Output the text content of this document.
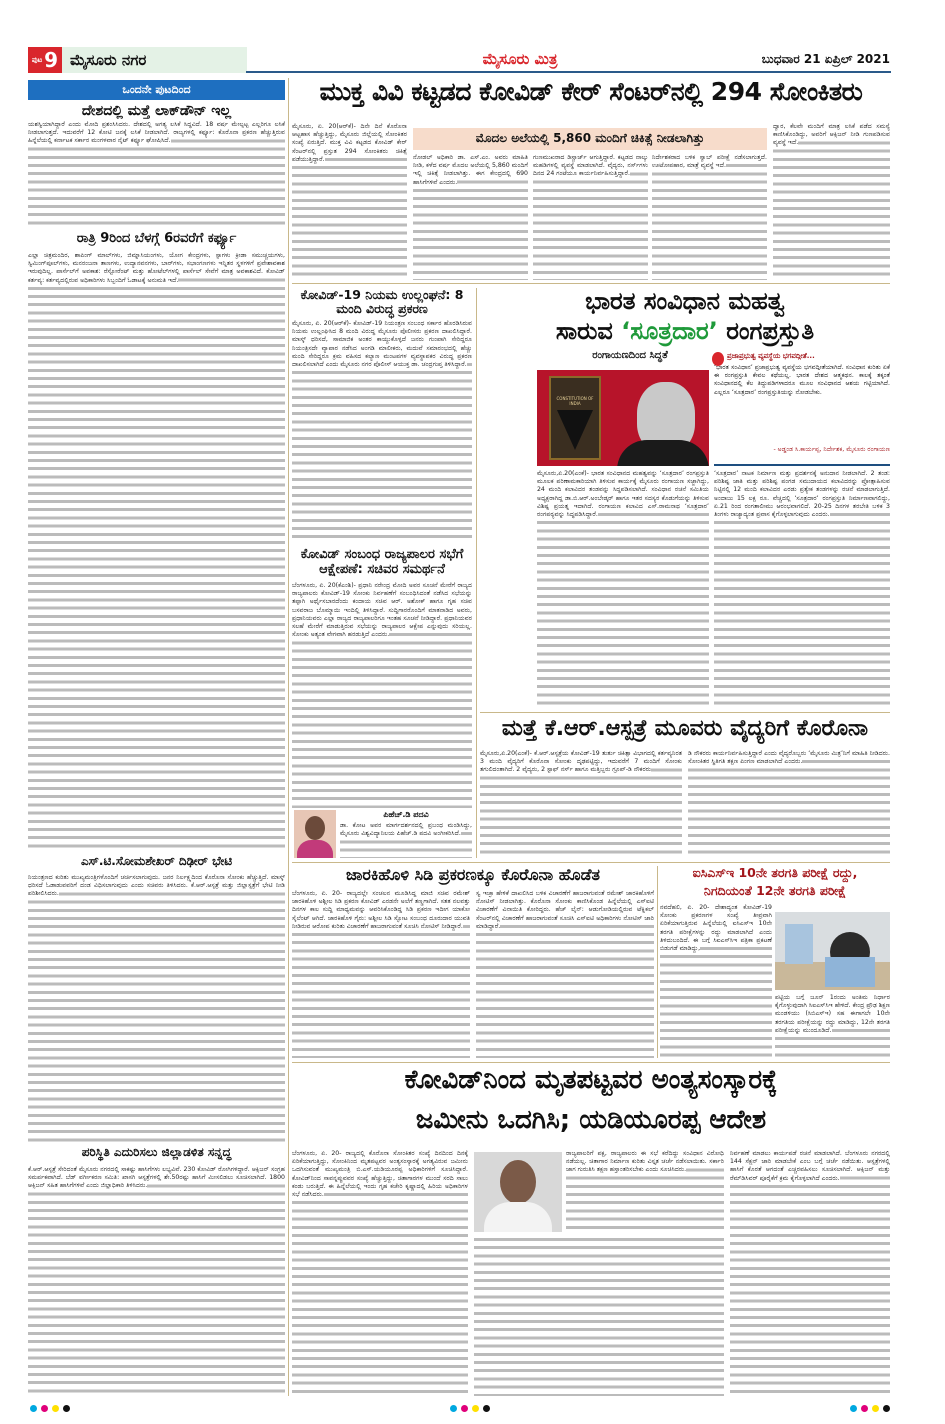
ಪುಟ 9 ಮೈಸೂರು ನಗರ	ಮೈಸೂರು ಮಿತ್ರ	ಬುಧವಾರ 21 ಏಪ್ರಿಲ್ 2021
ಒಂದನೇ ಪುಟದಿಂದ
ದೇಶದಲ್ಲಿ ಮತ್ತೆ ಲಾಕ್‌ಡೌನ್ ಇಲ್ಲ
ಯಶಸ್ವಿಯಾಗಿದ್ದಾರೆ ಎಂದು ಮೋದಿ ಪ್ರಶಂಸಿಸಿದರು. ದೇಶದಲ್ಲಿ ಅಗತ್ಯ ಲಸಿಕೆ ಸಿದ್ಧವಿದೆ. 18 ವರ್ಷ ಮೇಲ್ಪಟ್ಟ ಎಲ್ಲರಿಗೂ ಲಸಿಕೆ ನೀಡಲಾಗುತ್ತದೆ. ಇದುವರೆಗೆ 12 ಕೋಟಿ ಜನಕ್ಕೆ ಲಸಿಕೆ ನೀಡಲಾಗಿದೆ. ರಾಜ್ಯಗಳಲ್ಲಿ ಕರ್ಫ್ಯೂ: ಕೊರೊನಾ ಪ್ರಕರಣ ಹೆಚ್ಚುತ್ತಿರುವ ಹಿನ್ನೆಲೆಯಲ್ಲಿ ಕರ್ನಾಟಕ ಸರ್ಕಾರ ಮಂಗಳವಾರ ನೈಟ್ ಕರ್ಫ್ಯೂ ಘೋಷಿಸಿದೆ.
ರಾತ್ರಿ 9ರಿಂದ ಬೆಳಗ್ಗೆ 6ರವರೆಗೆ ಕರ್ಫ್ಯೂ
ಎಲ್ಲಾ ಚಿತ್ರಮಂದಿರ, ಶಾಪಿಂಗ್ ಮಾಲ್‌ಗಳು, ಜಿಮ್ನಾಸಿಯಂಗಳು, ಯೋಗ ಕೇಂದ್ರಗಳು, ಸ್ಪಾಗಳು ಕ್ರೀಡಾ ಸಮುಚ್ಚಯಗಳು, ಸ್ವಿಮಿಂಗ್‌ಪೂಲ್‌ಗಳು, ಮನರಂಜನಾ ತಾಣಗಳು, ಉದ್ಯಾನವನಗಳು, ಬಾರ್‌ಗಳು, ಸಭಾಂಗಣಗಳು ಇನ್ನಿತರ ಸ್ಥಳಗಳಿಗೆ ಪ್ರವೇಶಾವಕಾಶ ಇರುವುದಿಲ್ಲ. ಪಾರ್ಸೆಲ್‌ಗೆ ಅವಕಾಶ: ರೆಸ್ಟೋರೆಂಟ್ ಮತ್ತು ಹೋಟೆಲ್‌ಗಳಲ್ಲಿ ಪಾರ್ಸೆಲ್ ಸೇವೆಗೆ ಮಾತ್ರ ಅವಕಾಶವಿದೆ. ಕೋವಿಡ್ ಕರ್ತವ್ಯ: ಕರ್ತವ್ಯದಲ್ಲಿರುವ ಅಧಿಕಾರಿಗಳು ಸಿಬ್ಬಂದಿಗೆ ಓಡಾಟಕ್ಕೆ ಅನುಮತಿ ಇದೆ.
ಎಸ್.ಟಿ.ಸೋಮಶೇಖರ್ ದಿಢೀರ್ ಭೇಟಿ
ನಿಯಂತ್ರಣದ ಕುರಿತು ಮುಖ್ಯಮಂತ್ರಿಗಳೊಂದಿಗೆ ಚರ್ಚಿಸಲಾಗುವುದು. ಜನರ ನಿರ್ಲಕ್ಷ್ಯದಿಂದ ಕೊರೊನಾ ಸೋಂಕು ಹೆಚ್ಚುತ್ತಿದೆ. ಮಾಸ್ಕ್ ಧರಿಸದೆ ಓಡಾಡುವವರಿಗೆ ದಂಡ ವಿಧಿಸಲಾಗುವುದು ಎಂದು ಸಚಿವರು ತಿಳಿಸಿದರು. ಕೆ.ಆರ್.ಆಸ್ಪತ್ರೆ ಮತ್ತು ಜಿಲ್ಲಾಸ್ಪತ್ರೆಗೆ ಭೇಟಿ ನೀಡಿ ಪರಿಶೀಲಿಸಿದರು.
ಪರಿಸ್ಥಿತಿ ಎದುರಿಸಲು ಜಿಲ್ಲಾಡಳಿತ ಸನ್ನದ್ಧ
ಕೆ.ಆರ್.ಆಸ್ಪತ್ರೆ ಸೇರಿದಂತೆ ಮೈಸೂರು ನಗರದಲ್ಲಿ ಸಾಕಷ್ಟು ಹಾಸಿಗೆಗಳು ಲಭ್ಯವಿವೆ. 230 ಕೋವಿಡ್ ರೋಗಿಗಳಿದ್ದಾರೆ. ಆಕ್ಸಿಜನ್ ಸಂಗ್ರಹ ಸಮರ್ಪಕವಾಗಿದೆ. ಬೆಡ್ ವರ್ಗೀಕರಣ ಸಮಿತಿ: ಖಾಸಗಿ ಆಸ್ಪತ್ರೆಗಳಲ್ಲಿ ಶೇ.50ರಷ್ಟು ಹಾಸಿಗೆ ಮೀಸಲಿಡಲು ಸೂಚಿಸಲಾಗಿದೆ. 1800 ಆಕ್ಸಿಜನ್ ಸಹಿತ ಹಾಸಿಗೆಗಳಿವೆ ಎಂದು ಜಿಲ್ಲಾಧಿಕಾರಿ ತಿಳಿಸಿದರು.
ಮುಕ್ತ ವಿವಿ ಕಟ್ಟಡದ ಕೋವಿಡ್ ಕೇರ್ ಸೆಂಟರ್‌ನಲ್ಲಿ 294 ಸೋಂಕಿತರು
ಮೈಸೂರು, ಏ. 20(ಆರ್‌ಕೆ)- ದಿನೇ ದಿನೆ ಕೊರೊನಾ ಆಟ್ಟಹಾಸ ಹೆಚ್ಚುತ್ತಿದ್ದು, ಮೈಸೂರು ಜಿಲ್ಲೆಯಲ್ಲಿ ಸೋಂಕಿತರ ಸಂಖ್ಯೆ ಏರುತ್ತಿದೆ. ಮುಕ್ತ ವಿವಿ ಕಟ್ಟಡದ ಕೋವಿಡ್ ಕೇರ್ ಸೆಂಟರ್‌ನಲ್ಲಿ ಪ್ರಸ್ತುತ 294 ಸೋಂಕಿತರು ಚಿಕಿತ್ಸೆ ಪಡೆಯುತ್ತಿದ್ದಾರೆ.
ಮೊದಲ ಅಲೆಯಲ್ಲಿ 5,860 ಮಂದಿಗೆ ಚಿಕಿತ್ಸೆ ನೀಡಲಾಗಿತ್ತು
ನೋಡಲ್ ಅಧಿಕಾರಿ ಡಾ. ಎಸ್.ಎಂ. ಅವರು ಮಾಹಿತಿ ನೀಡಿ, ಕಳೆದ ವರ್ಷ ಮೊದಲ ಅಲೆಯಲ್ಲಿ 5,860 ಮಂದಿಗೆ ಇಲ್ಲಿ ಚಿಕಿತ್ಸೆ ನೀಡಲಾಗಿತ್ತು. ಈಗ ಕೇಂದ್ರದಲ್ಲಿ 690 ಹಾಸಿಗೆಗಳಿವೆ ಎಂದರು.
ಗುಣಮುಖರಾದ ಡಿಸ್ಚಾರ್ಜ್ ಆಗುತ್ತಿದ್ದಾರೆ. ಕಟ್ಟಡದ ನಾಲ್ಕು ಮಹಡಿಗಳಲ್ಲಿ ವ್ಯವಸ್ಥೆ ಮಾಡಲಾಗಿದೆ. ವೈದ್ಯರು, ನರ್ಸ್‌ಗಳು ದಿನದ 24 ಗಂಟೆಯೂ ಕಾರ್ಯನಿರ್ವಹಿಸುತ್ತಿದ್ದಾರೆ.
ನಿರ್ದೇಶಕರಾದ ಬಳಿಕ ಸ್ವಾಬ್ ಪರೀಕ್ಷೆ ನಡೆಸಲಾಗುತ್ತದೆ. ಊಟೋಪಹಾರ, ಮಾತ್ರೆ ವ್ಯವಸ್ಥೆ ಇದೆ.
ದ್ವಾರ, ಕೆಲವೇ ಮಂದಿಗೆ ಮಾತ್ರ ಲಸಿಕೆ ಪಡೆದ ಸಮಸ್ಯೆ ಕಾಣಿಸಿಕೊಂಡಿದ್ದು, ಅವರಿಗೆ ಆಕ್ಸಿಜನ್ ನೀಡಿ ಗುಣಪಡಿಸುವ ವ್ಯವಸ್ಥೆ ಇದೆ.
ಕೋವಿಡ್-19 ನಿಯಮ ಉಲ್ಲಂಘನೆ: 8 ಮಂದಿ ವಿರುದ್ಧ ಪ್ರಕರಣ
ಮೈಸೂರು, ಏ. 20(ಆರ್‌ಕೆ)- ಕೋವಿಡ್-19 ನಿಯಂತ್ರಣ ಸಂಬಂಧ ಸರ್ಕಾರ ಹೊರಡಿಸಿರುವ ನಿಯಮ ಉಲ್ಲಂಘಿಸಿದ 8 ಮಂದಿ ವಿರುದ್ಧ ಮೈಸೂರು ಪೊಲೀಸರು ಪ್ರಕರಣ ದಾಖಲಿಸಿದ್ದಾರೆ. ಮಾಸ್ಕ್ ಧರಿಸದೆ, ಸಾಮಾಜಿಕ ಅಂತರ ಕಾಯ್ದುಕೊಳ್ಳದೆ ಜನರು ಗುಂಪಾಗಿ ಸೇರಿದ್ದರೂ ನಿಯಂತ್ರಿಸದೇ ವ್ಯಾಪಾರ ನಡೆಸಿದ ಅಂಗಡಿ ಮಾಲೀಕರು, ಮದುವೆ ಸಮಾರಂಭದಲ್ಲಿ ಹೆಚ್ಚು ಮಂದಿ ಸೇರಿದ್ದರೂ ಕ್ರಮ ವಹಿಸದ ಕಲ್ಯಾಣ ಮಂಟಪಗಳ ವ್ಯವಸ್ಥಾಪಕರ ವಿರುದ್ಧ ಪ್ರಕರಣ ದಾಖಲಿಸಲಾಗಿದೆ ಎಂದು ಮೈಸೂರು ನಗರ ಪೊಲೀಸ್ ಆಯುಕ್ತ ಡಾ. ಚಂದ್ರಗುಪ್ತ ತಿಳಿಸಿದ್ದಾರೆ.
ಭಾರತ ಸಂವಿಧಾನ ಮಹತ್ವ
ಸಾರುವ ‘ಸೂತ್ರದಾರ’ ರಂಗಪ್ರಸ್ತುತಿ
ರಂಗಾಯಣದಿಂದ ಸಿದ್ಧತೆ
CONSTITUTION OF INDIA
ಪ್ರಜಾಪ್ರಭುತ್ವ ವ್ಯವಸ್ಥೆಯ ಭಗವದ್ಗೀತೆ...
‘ಭಾರತ ಸಂವಿಧಾನ’ ಪ್ರಜಾಪ್ರಭುತ್ವ ವ್ಯವಸ್ಥೆಯ ಭಗವದ್ಗೀತೆಯಾಗಿದೆ. ಸಂವಿಧಾನ ಕುರಿತು ಏಕೆ ಈ ರಂಗಪ್ರಸ್ತುತಿ ಕೇವಲ ಕಥೆಯಲ್ಲ. ಭಾರತ ದೇಶದ ಆತ್ಮಕಥನ. ಕಾಲಕ್ಕೆ ತಕ್ಕಂತೆ ಸಂವಿಧಾನದಲ್ಲಿ ಕೆಲ ತಿದ್ದುಪಡಿಗಳಾದರೂ ಮೂಲ ಸಂವಿಧಾನದ ಆಶಯ ಗಟ್ಟಿಯಾಗಿದೆ. ಎಲ್ಲರೂ ‘ಸೂತ್ರದಾರ’ ರಂಗಪ್ರಸ್ತುತಿಯನ್ನು ನೋಡಬೇಕು.
- ಅಡ್ಡಂಡ ಸಿ.ಕಾರ್ಯಪ್ಪ, ನಿರ್ದೇಶಕ, ಮೈಸೂರು ರಂಗಾಯಣ
ಮೈಸೂರು,ಏ.20(ಎಂಕೆ)- ಭಾರತ ಸಂವಿಧಾನದ ಮಹತ್ವವನ್ನು ‘ಸೂತ್ರದಾರ’ ರಂಗಪ್ರಸ್ತುತಿ ಮೂಲಕ ಪರಿಣಾಮಕಾರಿಯಾಗಿ ತಿಳಿಸುವ ಕಾರ್ಯಕ್ಕೆ ಮೈಸೂರು ರಂಗಾಯಣ ಸಜ್ಜಾಗಿದ್ದು, 24 ಮಂದಿ ಕಲಾವಿದರ ತಂಡವನ್ನು ಸಿದ್ಧಪಡಿಸಲಾಗಿದೆ. ಸಂವಿಧಾನ ರಚನೆ ಸಮಿತಿಯ ಅಧ್ಯಕ್ಷರಾಗಿದ್ದ ಡಾ.ಬಿ.ಆರ್.ಅಂಬೇಡ್ಕರ್ ಹಾಗೂ ಇತರ ಸದಸ್ಯರ ಕೊಡುಗೆಯನ್ನು ತಿಳಿಸುವ ವಿಶಿಷ್ಟ ಪ್ರಯತ್ನ ಇದಾಗಿದೆ. ರಂಗಾಯಣ ಕಲಾವಿದ ಎಸ್.ರಾಮನಾಥ ‘ಸೂತ್ರದಾರ’ ರಂಗಪಠ್ಯವನ್ನು ಸಿದ್ಧಪಡಿಸಿದ್ದಾರೆ.
‘ಸೂತ್ರದಾರ’ ನಾಟಕ ನಿರ್ಮಾಣ ಮತ್ತು ಪ್ರದರ್ಶನಕ್ಕೆ ಅನುದಾನ ನೀಡಲಾಗಿದೆ. 2 ತಂಡ: ಪರಿಶಿಷ್ಟ ಜಾತಿ ಮತ್ತು ಪರಿಶಿಷ್ಟ ಪಂಗಡ ಸಮುದಾಯದ ಕಲಾವಿದರನ್ನು ಪ್ರೋತ್ಸಾಹಿಸುವ ನಿಟ್ಟಿನಲ್ಲಿ 12 ಮಂದಿ ಕಲಾವಿದರ ಎರಡು ಪ್ರತ್ಯೇಕ ತಂಡಗಳನ್ನು ರಚನೆ ಮಾಡಲಾಗುತ್ತಿದೆ. ಅಂದಾಜು 15 ಲಕ್ಷ ರೂ. ವೆಚ್ಚದಲ್ಲಿ ‘ಸೂತ್ರದಾರ’ ರಂಗಪ್ರಸ್ತುತಿ ನಿರ್ಮಾಣವಾಗಲಿದ್ದು, ಏ.21 ರಿಂದ ರಂಗತಾಲೀಮು ಆರಂಭವಾಗಲಿದೆ. 20-25 ದಿನಗಳ ತರಬೇತಿ ಬಳಿಕ 3 ತಿಂಗಳು ರಾಜ್ಯಾದ್ಯಂತ ಪ್ರವಾಸ ಕೈಗೊಳ್ಳಲಾಗುವುದು ಎಂದರು.
ಕೋವಿಡ್ ಸಂಬಂಧ ರಾಜ್ಯಪಾಲರ ಸಭೆಗೆ ಆಕ್ಷೇಪಣೆ: ಸಚಿವರ ಸಮರ್ಥನೆ
ಬೆಂಗಳೂರು, ಏ. 20(ಕೆಎಂಶಿ)- ಪ್ರಧಾನಿ ನರೇಂದ್ರ ಮೋದಿ ಅವರ ಸೂಚನೆ ಮೇರೆಗೆ ರಾಜ್ಯದ ರಾಜ್ಯಪಾಲರು ಕೋವಿಡ್-19 ಸೋಂಕು ನಿರ್ವಹಣೆಗೆ ಸಂಬಂಧಿಸಿದಂತೆ ನಡೆಸಿದ ಸಭೆಯನ್ನು ತಪ್ಪಾಗಿ ಅರ್ಥೈಸಬಾರದೆಂದು ಕಂದಾಯ ಸಚಿವ ಆರ್. ಅಶೋಕ್ ಹಾಗೂ ಗೃಹ ಸಚಿವ ಬಸವರಾಜ ಬೊಮ್ಮಾಯಿ ಇಂದಿಲ್ಲಿ ತಿಳಿಸಿದ್ದಾರೆ. ಸುದ್ದಿಗಾರರೊಂದಿಗೆ ಮಾತನಾಡಿದ ಅವರು, ಪ್ರಧಾನಿಯವರು ಎಲ್ಲಾ ರಾಜ್ಯದ ರಾಜ್ಯಪಾಲರಿಗೂ ಇಂತಹ ಸೂಚನೆ ನೀಡಿದ್ದಾರೆ. ಪ್ರಧಾನಿಯವರ ಸಲಹೆ ಮೇರೆಗೆ ಮಾಡುತ್ತಿರುವ ಸಭೆಯನ್ನು ರಾಜ್ಯಪಾಲರ ಆಕ್ಷೇಪ ಎನ್ನುವುದು ಸರಿಯಲ್ಲ. ಸೋಂಕು ಅತ್ಯಂತ ವೇಗವಾಗಿ ಹರಡುತ್ತಿದೆ ಎಂದರು.
ಪಿಹೆಚ್.ಡಿ ಪದವಿ
ಡಾ. ಕೋಟ ಅವರ ಮಾರ್ಗದರ್ಶನದಲ್ಲಿ ಪ್ರಬಂಧ ಮಂಡಿಸಿದ್ದು, ಮೈಸೂರು ವಿಶ್ವವಿದ್ಯಾನಿಲಯ ಪಿಹೆಚ್.ಡಿ ಪದವಿ ಅಂಗೀಕರಿಸಿದೆ.
ಮತ್ತೆ ಕೆ.ಆರ್.ಆಸ್ಪತ್ರೆ ಮೂವರು ವೈದ್ಯರಿಗೆ ಕೊರೊನಾ
ಮೈಸೂರು,ಏ.20(ಎಂಕೆ)- ಕೆ.ಆರ್.ಆಸ್ಪತ್ರೆಯ ಕೋವಿಡ್-19 ತುರ್ತು ಚಿಕಿತ್ಸಾ ವಿಭಾಗದಲ್ಲಿ ಕರ್ತವ್ಯನಿರತ 3 ಮಂದಿ ವೈದ್ಯರಿಗೆ ಕೊರೊನಾ ಸೋಂಕು ದೃಢಪಟ್ಟಿದ್ದು, ಇದುವರೆಗೆ 7 ಮಂದಿಗೆ ಸೋಂಕು ತಗುಲಿದಂತಾಗಿದೆ. 2 ವೈದ್ಯರು, 2 ಸ್ಟಾಫ್ ನರ್ಸ್ ಹಾಗೂ ಮತ್ತಿಬ್ಬರು ಗ್ರೂಪ್-ಡಿ ನೌಕರರು
ಡಿ ನೌಕರರು ಕಾರ್ಯನಿರ್ವಹಿಸುತ್ತಿದ್ದಾರೆ ಎಂದು ವೈದ್ಯರೊಬ್ಬರು ‘ಮೈಸೂರು ಮಿತ್ರ’ನಿಗೆ ಮಾಹಿತಿ ನೀಡಿದರು. ಸೋಂಕಿತರ ಸ್ಥಿತಿಗತಿ ತಕ್ಷಣ ಪಿಂಗಣ ಮಾಡಲಾಗಿದೆ ಎಂದರು.
ಜಾರಕಿಹೊಳಿ ಸಿಡಿ ಪ್ರಕರಣಕ್ಕೂ ಕೊರೊನಾ ಹೊಡೆತ
ಬೆಂಗಳೂರು, ಏ. 20- ರಾಜ್ಯದಲ್ಲೇ ಸಂಚಲನ ಮೂಡಿಸಿದ್ದ ಮಾಜಿ ಸಚಿವ ರಮೇಶ್ ಜಾರಕಿಹೊಳಿ ಅಶ್ಲೀಲ ಸಿಡಿ ಪ್ರಕರಣ ಕೋವಿಡ್ ಎರಡನೇ ಅಲೆಗೆ ತಣ್ಣಗಾಗಿದೆ. ಸತತ ನಲವತ್ತು ದಿನಗಳ ಕಾಲ ಸುದ್ದಿ ಮಾಧ್ಯಮವನ್ನು ಆವರಿಸಿಕೊಂಡಿದ್ದ ಸಿಡಿ ಪ್ರಕರಣ ಇದೀಗ ಯಾಕೋ ಸೈಲೆಂಟ್ ಆಗಿದೆ. ಜಾರಕಿಹೊಳಿ ಗೈರು: ಅಶ್ಲೀಲ ಸಿಡಿ ಸ್ಫೋಟ ಸಂಬಂಧ ದೂರುದಾರ ಯುವತಿ ನೀಡಿರುವ ಆರೋಪ ಕುರಿತು ವಿಚಾರಣೆಗೆ ಹಾಜರಾಗುವಂತೆ ಸೂಚಿಸಿ ನೋಟಿಸ್ ನೀಡಿದ್ದಾರೆ.
ಸ್ವ ಇಚ್ಛಾ ಹೇಳಿಕೆ ದಾಖಲಿಸಿದ ಬಳಿಕ ವಿಚಾರಣೆಗೆ ಹಾಜರಾಗುವಂತೆ ರಮೇಶ್ ಜಾರಕಿಹೊಳಿಗೆ ನೋಟಿಸ್ ನೀಡಲಾಗಿತ್ತು. ಕೊರೊನಾ ಸೋಂಕು ಕಾಣಿಸಿಕೊಂಡ ಹಿನ್ನೆಲೆಯಲ್ಲಿ ಎಸ್‌ಐಟಿ ವಿಚಾರಣೆಗೆ ವಿನಾಯಿತಿ ಕೋರಿದ್ದರು. ಹೆಚ್ ಲೈನ್: ಆಡುಗೋಡಿಯಲ್ಲಿರುವ ಟೆಕ್ನಿಕಲ್ ಸೆಂಟರ್‌ನಲ್ಲಿ ವಿಚಾರಣೆಗೆ ಹಾಜರಾಗುವಂತೆ ಸೂಚಿಸಿ ಎಸ್‌ಐಟಿ ಅಧಿಕಾರಿಗಳು ನೋಟಿಸ್ ಜಾರಿ ಮಾಡಿದ್ದಾರೆ.
ಐಸಿಎಸ್‌ಇ 10ನೇ ತರಗತಿ ಪರೀಕ್ಷೆ ರದ್ದು,
ನಿಗದಿಯಂತೆ 12ನೇ ತರಗತಿ ಪರೀಕ್ಷೆ
ನವದೆಹಲಿ, ಏ. 20- ದೇಶಾದ್ಯಂತ ಕೋವಿಡ್-19 ಸೋಂಕು ಪ್ರಕರಣಗಳ ಸಂಖ್ಯೆ ತೀವ್ರವಾಗಿ ಏರಿಕೆಯಾಗುತ್ತಿರುವ ಹಿನ್ನೆಲೆಯಲ್ಲಿ ಐಸಿಎಸ್‌ಇ 10ನೇ ತರಗತಿ ಪರೀಕ್ಷೆಗಳನ್ನು ರದ್ದು ಮಾಡಲಾಗಿದೆ ಎಂದು ತಿಳಿದುಬಂದಿದೆ. ಈ ಬಗ್ಗೆ ಸಿಐಎಸ್‌ಸಿಇ ಪತ್ರಿಕಾ ಪ್ರಕಟಣೆ ಬಿಡುಗಡೆ ಮಾಡಿದ್ದು,
ಪಟ್ಟಿಯ ಬಗ್ಗೆ ಜೂನ್ 1ರಂದು ಅಂತಿಮ ನಿರ್ಧಾರ ಕೈಗೊಳ್ಳುವುದಾಗಿ ಸಿಐಎಸ್‌ಸಿಇ ಹೇಳಿದೆ. ಕೇಂದ್ರ ಪ್ರೌಢ ಶಿಕ್ಷಣ ಮಂಡಳಿಯು (ಸಿಬಿಎಸ್‌ಇ) ಸಹ ಈಗಾಗಲೇ 10ನೇ ತರಗತಿಯ ಪರೀಕ್ಷೆಯನ್ನು ರದ್ದು ಮಾಡಿದ್ದು, 12ನೇ ತರಗತಿ ಪರೀಕ್ಷೆಯನ್ನು ಮುಂದೂಡಿದೆ.
ಕೋವಿಡ್‌ನಿಂದ ಮೃತಪಟ್ಟವರ ಅಂತ್ಯಸಂಸ್ಕಾರಕ್ಕೆ
ಜಮೀನು ಒದಗಿಸಿ; ಯಡಿಯೂರಪ್ಪ ಆದೇಶ
ಬೆಂಗಳೂರು, ಏ. 20- ರಾಜ್ಯದಲ್ಲಿ ಕೊರೊನಾ ಸೋಂಕಿತರ ಸಂಖ್ಯೆ ದಿನದಿಂದ ದಿನಕ್ಕೆ ಏರಿಕೆಯಾಗುತ್ತಿದ್ದು, ಸೋಂಕಿನಿಂದ ಮೃತಪಟ್ಟವರ ಅಂತ್ಯಸಂಸ್ಕಾರಕ್ಕೆ ಅಗತ್ಯವಿರುವ ಜಮೀನು ಒದಗಿಸುವಂತೆ ಮುಖ್ಯಮಂತ್ರಿ ಬಿ.ಎಸ್.ಯಡಿಯೂರಪ್ಪ ಅಧಿಕಾರಿಗಳಿಗೆ ಸೂಚಿಸಿದ್ದಾರೆ. ಕೋವಿಡ್‌ನಿಂದ ಸಾವನ್ನಪ್ಪುವವರ ಸಂಖ್ಯೆ ಹೆಚ್ಚುತ್ತಿದ್ದು, ಚಿತಾಗಾರಗಳ ಮುಂದೆ ಸರದಿ ಸಾಲು ಕಂಡು ಬರುತ್ತಿದೆ. ಈ ಹಿನ್ನೆಲೆಯಲ್ಲಿ ಇಂದು ಗೃಹ ಕಚೇರಿ ಕೃಷ್ಣಾದಲ್ಲಿ ಹಿರಿಯ ಅಧಿಕಾರಿಗಳ ಸಭೆ ನಡೆಸಿದರು.
ರಾಜ್ಯಪಾಲರಿಗೆ ಪಕ್ಷ, ರಾಜ್ಯಪಾಲರು ಈ ಸಭೆ ಕರೆದಿದ್ದು ಸಂವಿಧಾನ ವಿರೋಧಿ ನಡೆಯಲ್ಲ. ಚಿತಾಗಾರ ನಿರ್ಮಾಣ ಕುರಿತು ವಿಸ್ತೃತ ಚರ್ಚೆ ನಡೆಸಲಾಯಿತು. ಸರ್ಕಾರಿ ಜಾಗ ಗುರುತಿಸಿ ತಕ್ಷಣ ಹಸ್ತಾಂತರಿಸಬೇಕು ಎಂದು ಸೂಚಿಸಿದರು.
ನಿರ್ವಹಣೆ ಮಾಡಲು ಕಾರ್ಯಪಡೆ ರಚನೆ ಮಾಡಲಾಗಿದೆ. ಬೆಂಗಳೂರು ನಗರದಲ್ಲಿ 144 ಸೆಕ್ಷನ್ ಜಾರಿ ಮಾಡಬೇಕೆ ಎಂಬ ಬಗ್ಗೆ ಚರ್ಚೆ ನಡೆಯಿತು. ಆಸ್ಪತ್ರೆಗಳಲ್ಲಿ ಹಾಸಿಗೆ ಕೊರತೆ ಆಗದಂತೆ ಎಚ್ಚರವಹಿಸಲು ಸೂಚಿಸಲಾಗಿದೆ. ಆಕ್ಸಿಜನ್ ಮತ್ತು ರೆಮ್‌ಡಿಸಿವರ್ ಪೂರೈಕೆಗೆ ಕ್ರಮ ಕೈಗೊಳ್ಳಲಾಗಿದೆ ಎಂದರು.
